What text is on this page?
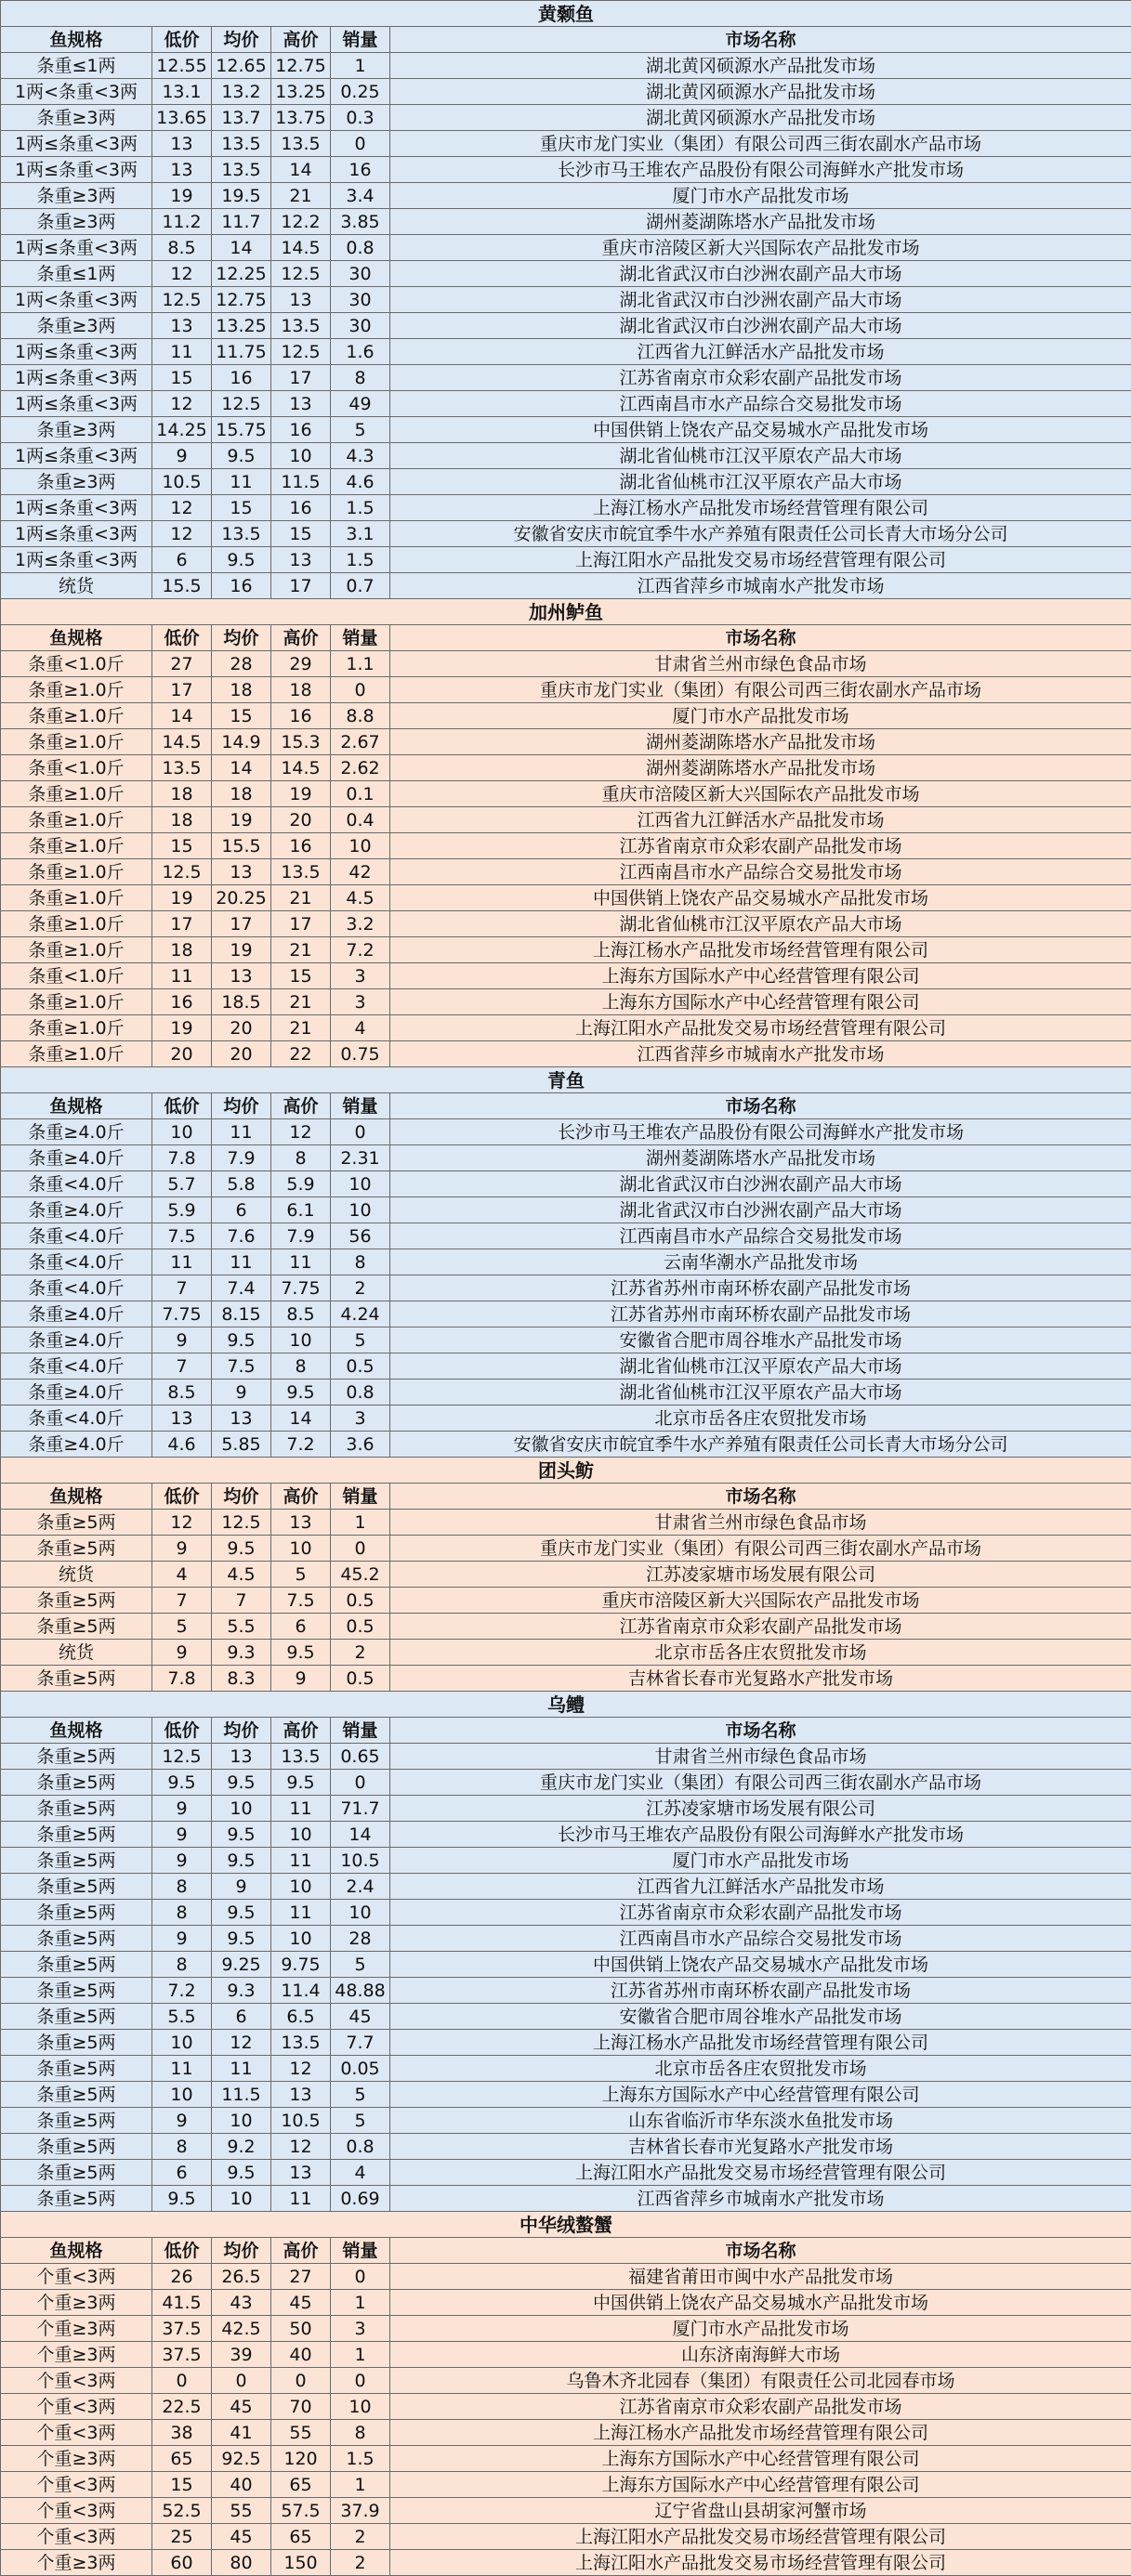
黄颡鱼					
鱼规格	低价	均价	高价	销量	市场名称
条重≤1两	12.55	12.65	12.75	1	湖北黄冈硕源水产品批发市场
1两<条重<3两	13.1	13.2	13.25	0.25	湖北黄冈硕源水产品批发市场
条重≥3两	13.65	13.7	13.75	0.3	湖北黄冈硕源水产品批发市场
1两≤条重<3两	13	13.5	13.5	0	重庆市龙门实业（集团）有限公司西三街农副水产品市场
1两≤条重<3两	13	13.5	14	16	长沙市马王堆农产品股份有限公司海鲜水产批发市场
条重≥3两	19	19.5	21	3.4	厦门市水产品批发市场
条重≥3两	11.2	11.7	12.2	3.85	湖州菱湖陈塔水产品批发市场
1两≤条重<3两	8.5	14	14.5	0.8	重庆市涪陵区新大兴国际农产品批发市场
条重≤1两	12	12.25	12.5	30	湖北省武汉市白沙洲农副产品大市场
1两<条重<3两	12.5	12.75	13	30	湖北省武汉市白沙洲农副产品大市场
条重≥3两	13	13.25	13.5	30	湖北省武汉市白沙洲农副产品大市场
1两≤条重<3两	11	11.75	12.5	1.6	江西省九江鲜活水产品批发市场
1两≤条重<3两	15	16	17	8	江苏省南京市众彩农副产品批发市场
1两≤条重<3两	12	12.5	13	49	江西南昌市水产品综合交易批发市场
条重≥3两	14.25	15.75	16	5	中国供销上饶农产品交易城水产品批发市场
1两≤条重<3两	9	9.5	10	4.3	湖北省仙桃市江汉平原农产品大市场
条重≥3两	10.5	11	11.5	4.6	湖北省仙桃市江汉平原农产品大市场
1两≤条重<3两	12	15	16	1.5	上海江杨水产品批发市场经营管理有限公司
1两≤条重<3两	12	13.5	15	3.1	安徽省安庆市皖宜季牛水产养殖有限责任公司长青大市场分公司
1两≤条重<3两	6	9.5	13	1.5	上海江阳水产品批发交易市场经营管理有限公司
统货	15.5	16	17	0.7	江西省萍乡市城南水产批发市场
加州鲈鱼					
鱼规格	低价	均价	高价	销量	市场名称
条重<1.0斤	27	28	29	1.1	甘肃省兰州市绿色食品市场
条重≥1.0斤	17	18	18	0	重庆市龙门实业（集团）有限公司西三街农副水产品市场
条重≥1.0斤	14	15	16	8.8	厦门市水产品批发市场
条重≥1.0斤	14.5	14.9	15.3	2.67	湖州菱湖陈塔水产品批发市场
条重<1.0斤	13.5	14	14.5	2.62	湖州菱湖陈塔水产品批发市场
条重≥1.0斤	18	18	19	0.1	重庆市涪陵区新大兴国际农产品批发市场
条重≥1.0斤	18	19	20	0.4	江西省九江鲜活水产品批发市场
条重≥1.0斤	15	15.5	16	10	江苏省南京市众彩农副产品批发市场
条重≥1.0斤	12.5	13	13.5	42	江西南昌市水产品综合交易批发市场
条重≥1.0斤	19	20.25	21	4.5	中国供销上饶农产品交易城水产品批发市场
条重≥1.0斤	17	17	17	3.2	湖北省仙桃市江汉平原农产品大市场
条重≥1.0斤	18	19	21	7.2	上海江杨水产品批发市场经营管理有限公司
条重<1.0斤	11	13	15	3	上海东方国际水产中心经营管理有限公司
条重≥1.0斤	16	18.5	21	3	上海东方国际水产中心经营管理有限公司
条重≥1.0斤	19	20	21	4	上海江阳水产品批发交易市场经营管理有限公司
条重≥1.0斤	20	20	22	0.75	江西省萍乡市城南水产批发市场
青鱼					
鱼规格	低价	均价	高价	销量	市场名称
条重≥4.0斤	10	11	12	0	长沙市马王堆农产品股份有限公司海鲜水产批发市场
条重≥4.0斤	7.8	7.9	8	2.31	湖州菱湖陈塔水产品批发市场
条重<4.0斤	5.7	5.8	5.9	10	湖北省武汉市白沙洲农副产品大市场
条重≥4.0斤	5.9	6	6.1	10	湖北省武汉市白沙洲农副产品大市场
条重<4.0斤	7.5	7.6	7.9	56	江西南昌市水产品综合交易批发市场
条重<4.0斤	11	11	11	8	云南华潮水产品批发市场
条重<4.0斤	7	7.4	7.75	2	江苏省苏州市南环桥农副产品批发市场
条重≥4.0斤	7.75	8.15	8.5	4.24	江苏省苏州市南环桥农副产品批发市场
条重≥4.0斤	9	9.5	10	5	安徽省合肥市周谷堆水产品批发市场
条重<4.0斤	7	7.5	8	0.5	湖北省仙桃市江汉平原农产品大市场
条重≥4.0斤	8.5	9	9.5	0.8	湖北省仙桃市江汉平原农产品大市场
条重<4.0斤	13	13	14	3	北京市岳各庄农贸批发市场
条重≥4.0斤	4.6	5.85	7.2	3.6	安徽省安庆市皖宜季牛水产养殖有限责任公司长青大市场分公司
团头鲂					
鱼规格	低价	均价	高价	销量	市场名称
条重≥5两	12	12.5	13	1	甘肃省兰州市绿色食品市场
条重≥5两	9	9.5	10	0	重庆市龙门实业（集团）有限公司西三街农副水产品市场
统货	4	4.5	5	45.2	江苏凌家塘市场发展有限公司
条重≥5两	7	7	7.5	0.5	重庆市涪陵区新大兴国际农产品批发市场
条重≥5两	5	5.5	6	0.5	江苏省南京市众彩农副产品批发市场
统货	9	9.3	9.5	2	北京市岳各庄农贸批发市场
条重≥5两	7.8	8.3	9	0.5	吉林省长春市光复路水产批发市场
乌鳢					
鱼规格	低价	均价	高价	销量	市场名称
条重≥5两	12.5	13	13.5	0.65	甘肃省兰州市绿色食品市场
条重≥5两	9.5	9.5	9.5	0	重庆市龙门实业（集团）有限公司西三街农副水产品市场
条重≥5两	9	10	11	71.7	江苏凌家塘市场发展有限公司
条重≥5两	9	9.5	10	14	长沙市马王堆农产品股份有限公司海鲜水产批发市场
条重≥5两	9	9.5	11	10.5	厦门市水产品批发市场
条重≥5两	8	9	10	2.4	江西省九江鲜活水产品批发市场
条重≥5两	8	9.5	11	10	江苏省南京市众彩农副产品批发市场
条重≥5两	9	9.5	10	28	江西南昌市水产品综合交易批发市场
条重≥5两	8	9.25	9.75	5	中国供销上饶农产品交易城水产品批发市场
条重≥5两	7.2	9.3	11.4	48.88	江苏省苏州市南环桥农副产品批发市场
条重≥5两	5.5	6	6.5	45	安徽省合肥市周谷堆水产品批发市场
条重≥5两	10	12	13.5	7.7	上海江杨水产品批发市场经营管理有限公司
条重≥5两	11	11	12	0.05	北京市岳各庄农贸批发市场
条重≥5两	10	11.5	13	5	上海东方国际水产中心经营管理有限公司
条重≥5两	9	10	10.5	5	山东省临沂市华东淡水鱼批发市场
条重≥5两	8	9.2	12	0.8	吉林省长春市光复路水产批发市场
条重≥5两	6	9.5	13	4	上海江阳水产品批发交易市场经营管理有限公司
条重≥5两	9.5	10	11	0.69	江西省萍乡市城南水产批发市场
中华绒螯蟹					
鱼规格	低价	均价	高价	销量	市场名称
个重<3两	26	26.5	27	0	福建省莆田市闽中水产品批发市场
个重≥3两	41.5	43	45	1	中国供销上饶农产品交易城水产品批发市场
个重≥3两	37.5	42.5	50	3	厦门市水产品批发市场
个重≥3两	37.5	39	40	1	山东济南海鲜大市场
个重<3两	0	0	0	0	乌鲁木齐北园春（集团）有限责任公司北园春市场
个重<3两	22.5	45	70	10	江苏省南京市众彩农副产品批发市场
个重<3两	38	41	55	8	上海江杨水产品批发市场经营管理有限公司
个重≥3两	65	92.5	120	1.5	上海东方国际水产中心经营管理有限公司
个重<3两	15	40	65	1	上海东方国际水产中心经营管理有限公司
个重<3两	52.5	55	57.5	37.9	辽宁省盘山县胡家河蟹市场
个重<3两	25	45	65	2	上海江阳水产品批发交易市场经营管理有限公司
个重≥3两	60	80	150	2	上海江阳水产品批发交易市场经营管理有限公司
